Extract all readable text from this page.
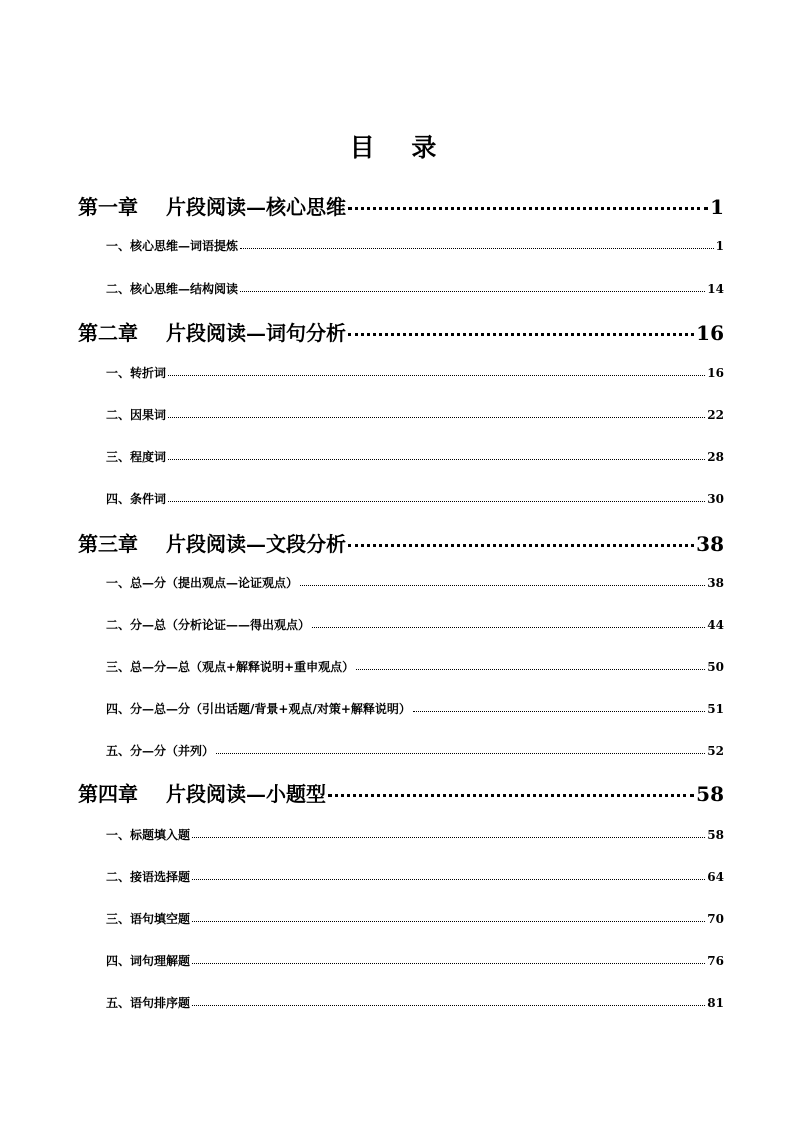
目 录
第一章 片段阅读—核心思维	1
一、核心思维—词语提炼	1
二、核心思维—结构阅读	14
第二章 片段阅读—词句分析	16
一、转折词	16
二、因果词	22
三、程度词	28
四、条件词	30
第三章 片段阅读—文段分析	38
一、总—分（提出观点—论证观点）	38
二、分—总（分析论证——得出观点）	44
三、总—分—总（观点+解释说明+重申观点）	50
四、分—总—分（引出话题/背景+观点/对策+解释说明）	51
五、分—分（并列）	52
第四章 片段阅读—小题型	58
一、标题填入题	58
二、接语选择题	64
三、语句填空题	70
四、词句理解题	76
五、语句排序题	81
